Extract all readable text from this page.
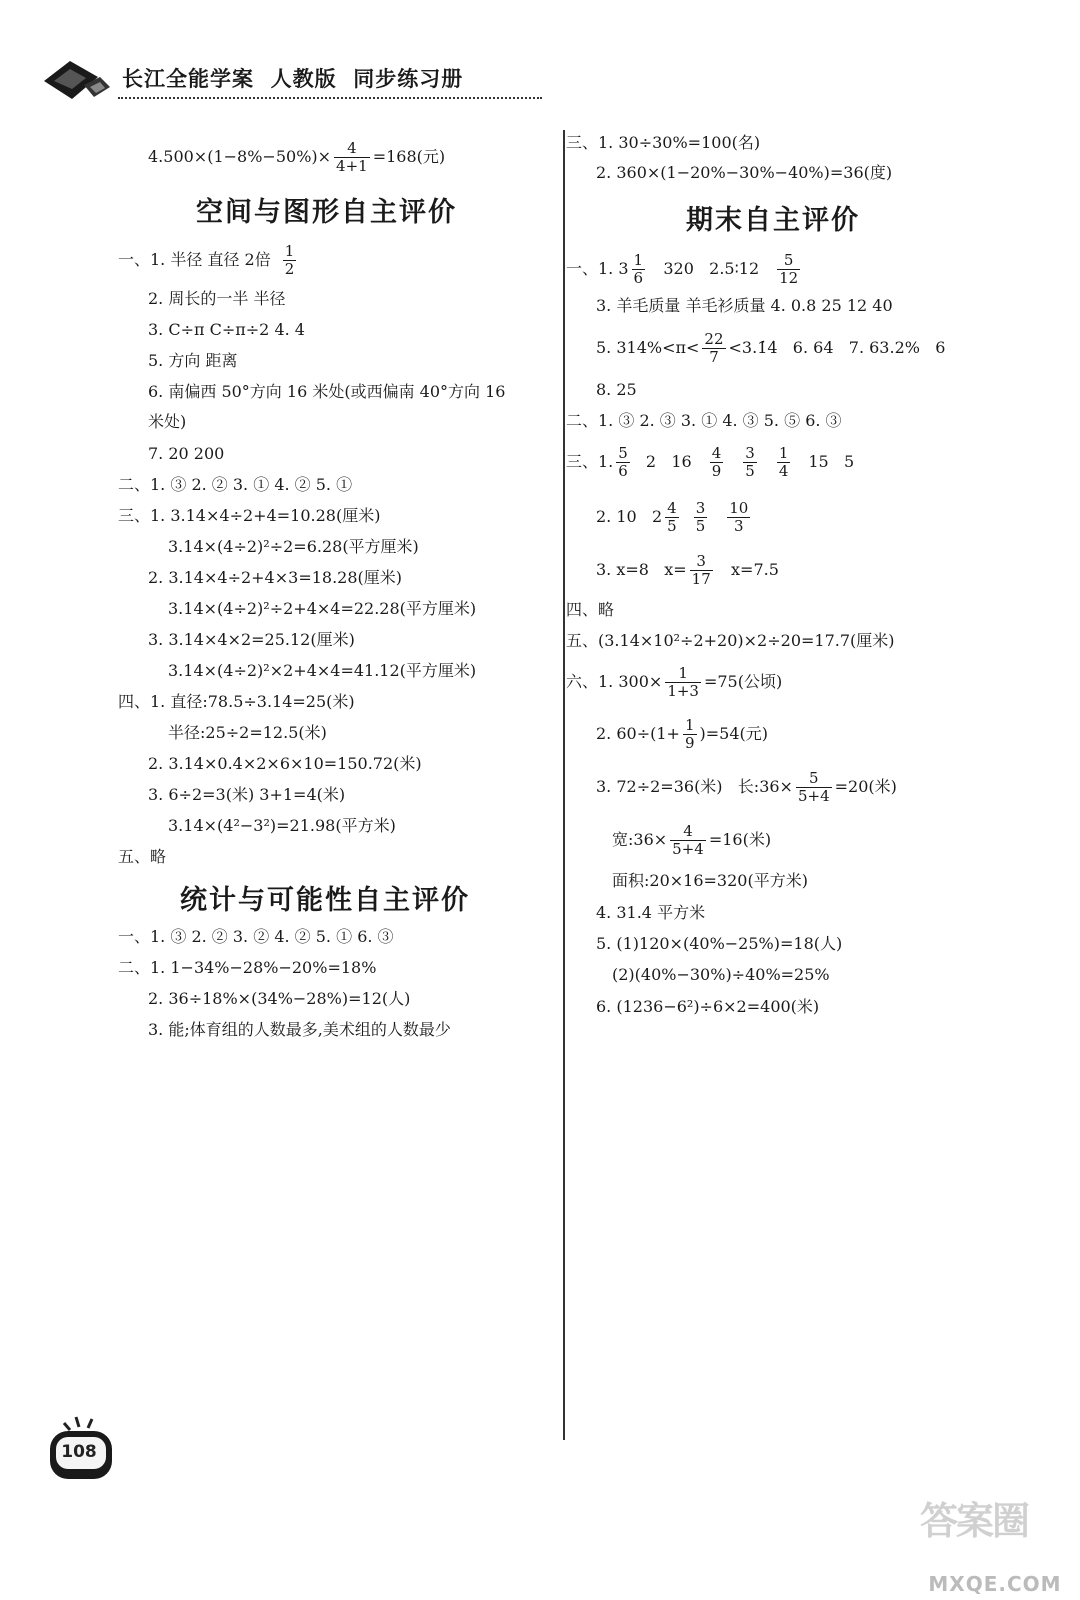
长江全能学案  人教版  同步练习册
$4.500\times(1-8\%-50\%)\times \frac{4}{4+1} =168$(元)
空间与图形自主评价
一、1. 半径 直径 2倍 $\frac{1}{2}$
2. 周长的一半 半径
3. C÷π C÷π÷2 4. 4
5. 方向 距离
6. 南偏西 50°方向 16 米处(或西偏南 40°方向 16
米处)
7. 20 200
二、1. ③ 2. ② 3. ① 4. ② 5. ①
三、1. 3.14×4÷2+4=10.28(厘米)
3.14×(4÷2)²÷2=6.28(平方厘米)
2. 3.14×4÷2+4×3=18.28(厘米)
3.14×(4÷2)²÷2+4×4=22.28(平方厘米)
3. 3.14×4×2=25.12(厘米)
3.14×(4÷2)²×2+4×4=41.12(平方厘米)
四、1. 直径:78.5÷3.14=25(米)
半径:25÷2=12.5(米)
2. 3.14×0.4×2×6×10=150.72(米)
3. 6÷2=3(米) 3+1=4(米)
3.14×(4²−3²)=21.98(平方米)
五、略
统计与可能性自主评价
一、1. ③ 2. ② 3. ② 4. ② 5. ① 6. ③
二、1. 1−34%−28%−20%=18%
2. 36÷18%×(34%−28%)=12(人)
3. 能;体育组的人数最多,美术组的人数最少
三、1. 30÷30%=100(名)
2. 360×(1−20%−30%−40%)=36(度)
期末自主评价
一、1. $3 \frac{1}{6} 320$   2.5∶12 $\frac{5}{12}$
3. 羊毛质量 羊毛衫质量 4. 0.8 25 12 40
5. $314\%<\pi< \frac{22}{7}$ <3.1̇4̇   6. 64   7. 63.2%   6
8. 25
二、1. ③ 2. ③ 3. ① 4. ③ 5. ⑤ 6. ③
三、1. $\frac{5}{6} 2$   $16 \frac{4}{9} \frac{3}{5} \frac{1}{4} 15$   5
2. 10   $2 \frac{4}{5} \frac{3}{5} \frac{10}{3}$
3. x=8   $x= \frac{3}{17} x=7.5$
四、略
五、(3.14×10²÷2+20)×2÷20=17.7(厘米)
六、1. $300\times \frac{1}{1+3} =75$(公顷)
2. $60\div(1+ \frac{1}{9} )=54$(元)
3. 72÷2=36(米)   长:36× $\frac{5}{5+4} =20$(米)
宽:36× $\frac{4}{5+4} =16$(米)
面积:20×16=320(平方米)
4. 31.4 平方米
5. (1)120×(40%−25%)=18(人)
(2)(40%−30%)÷40%=25%
6. (1236−6²)÷6×2=400(米)
108
答案圈
MXQE.COM
